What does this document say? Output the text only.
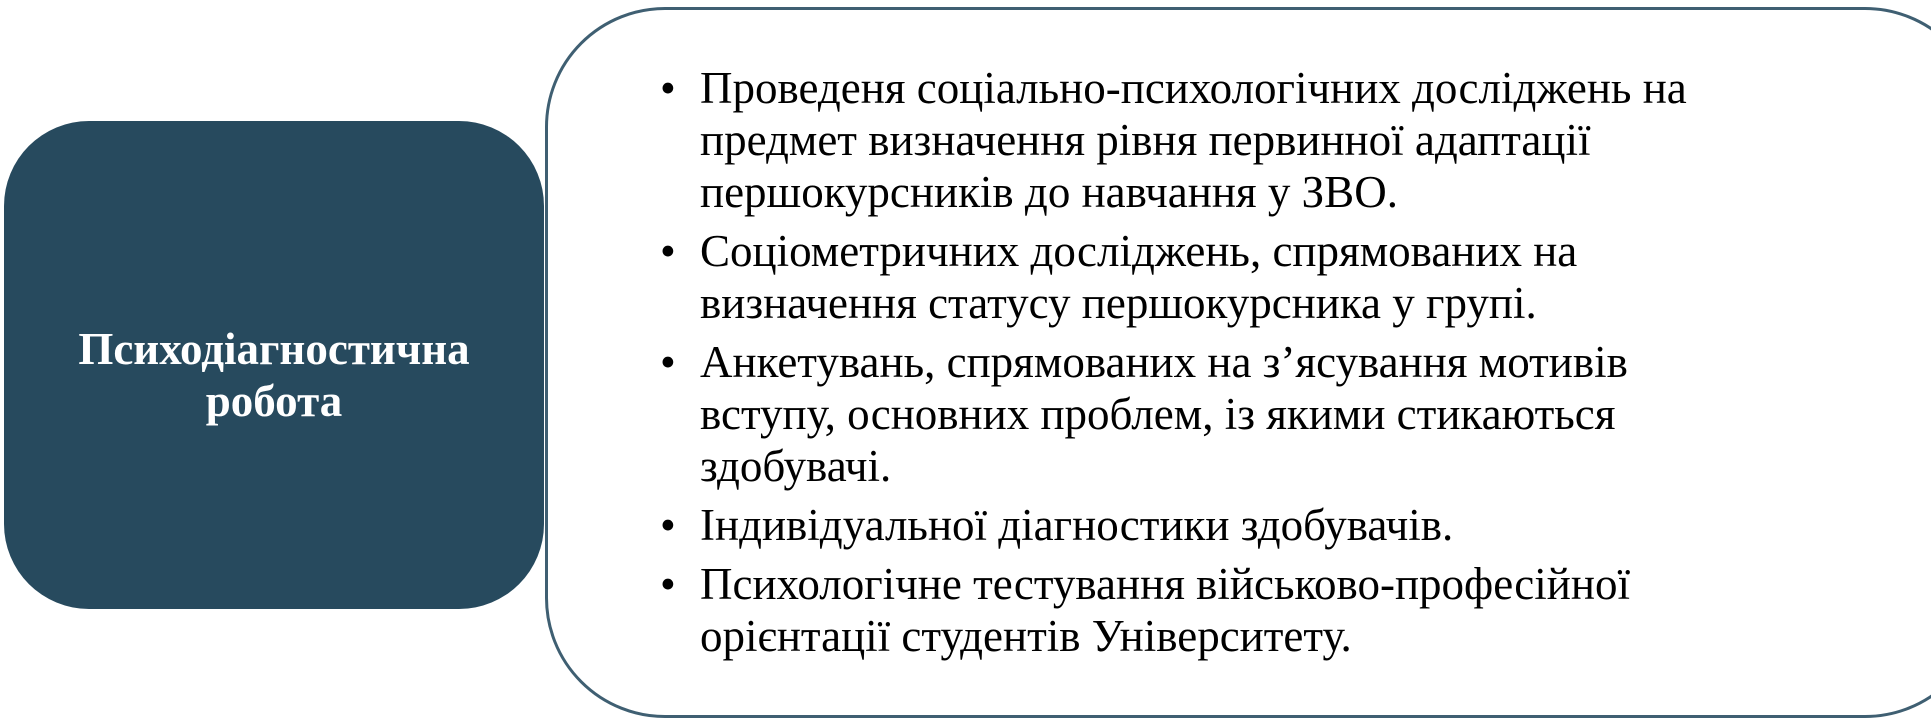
Психодіагностична
робота
• Проведеня соціально-психологічних досліджень на
предмет визначення рівня первинної адаптації
першокурсників до навчання у ЗВО.
• Соціометричних досліджень, спрямованих на
визначення статусу першокурсника у групі.
• Анкетувань, спрямованих на з’ясування мотивів
вступу, основних проблем, із якими стикаються
здобувачі.
• Індивідуальної діагностики здобувачів.
• Психологічне тестування військово-професійної
орієнтації студентів Університету.
